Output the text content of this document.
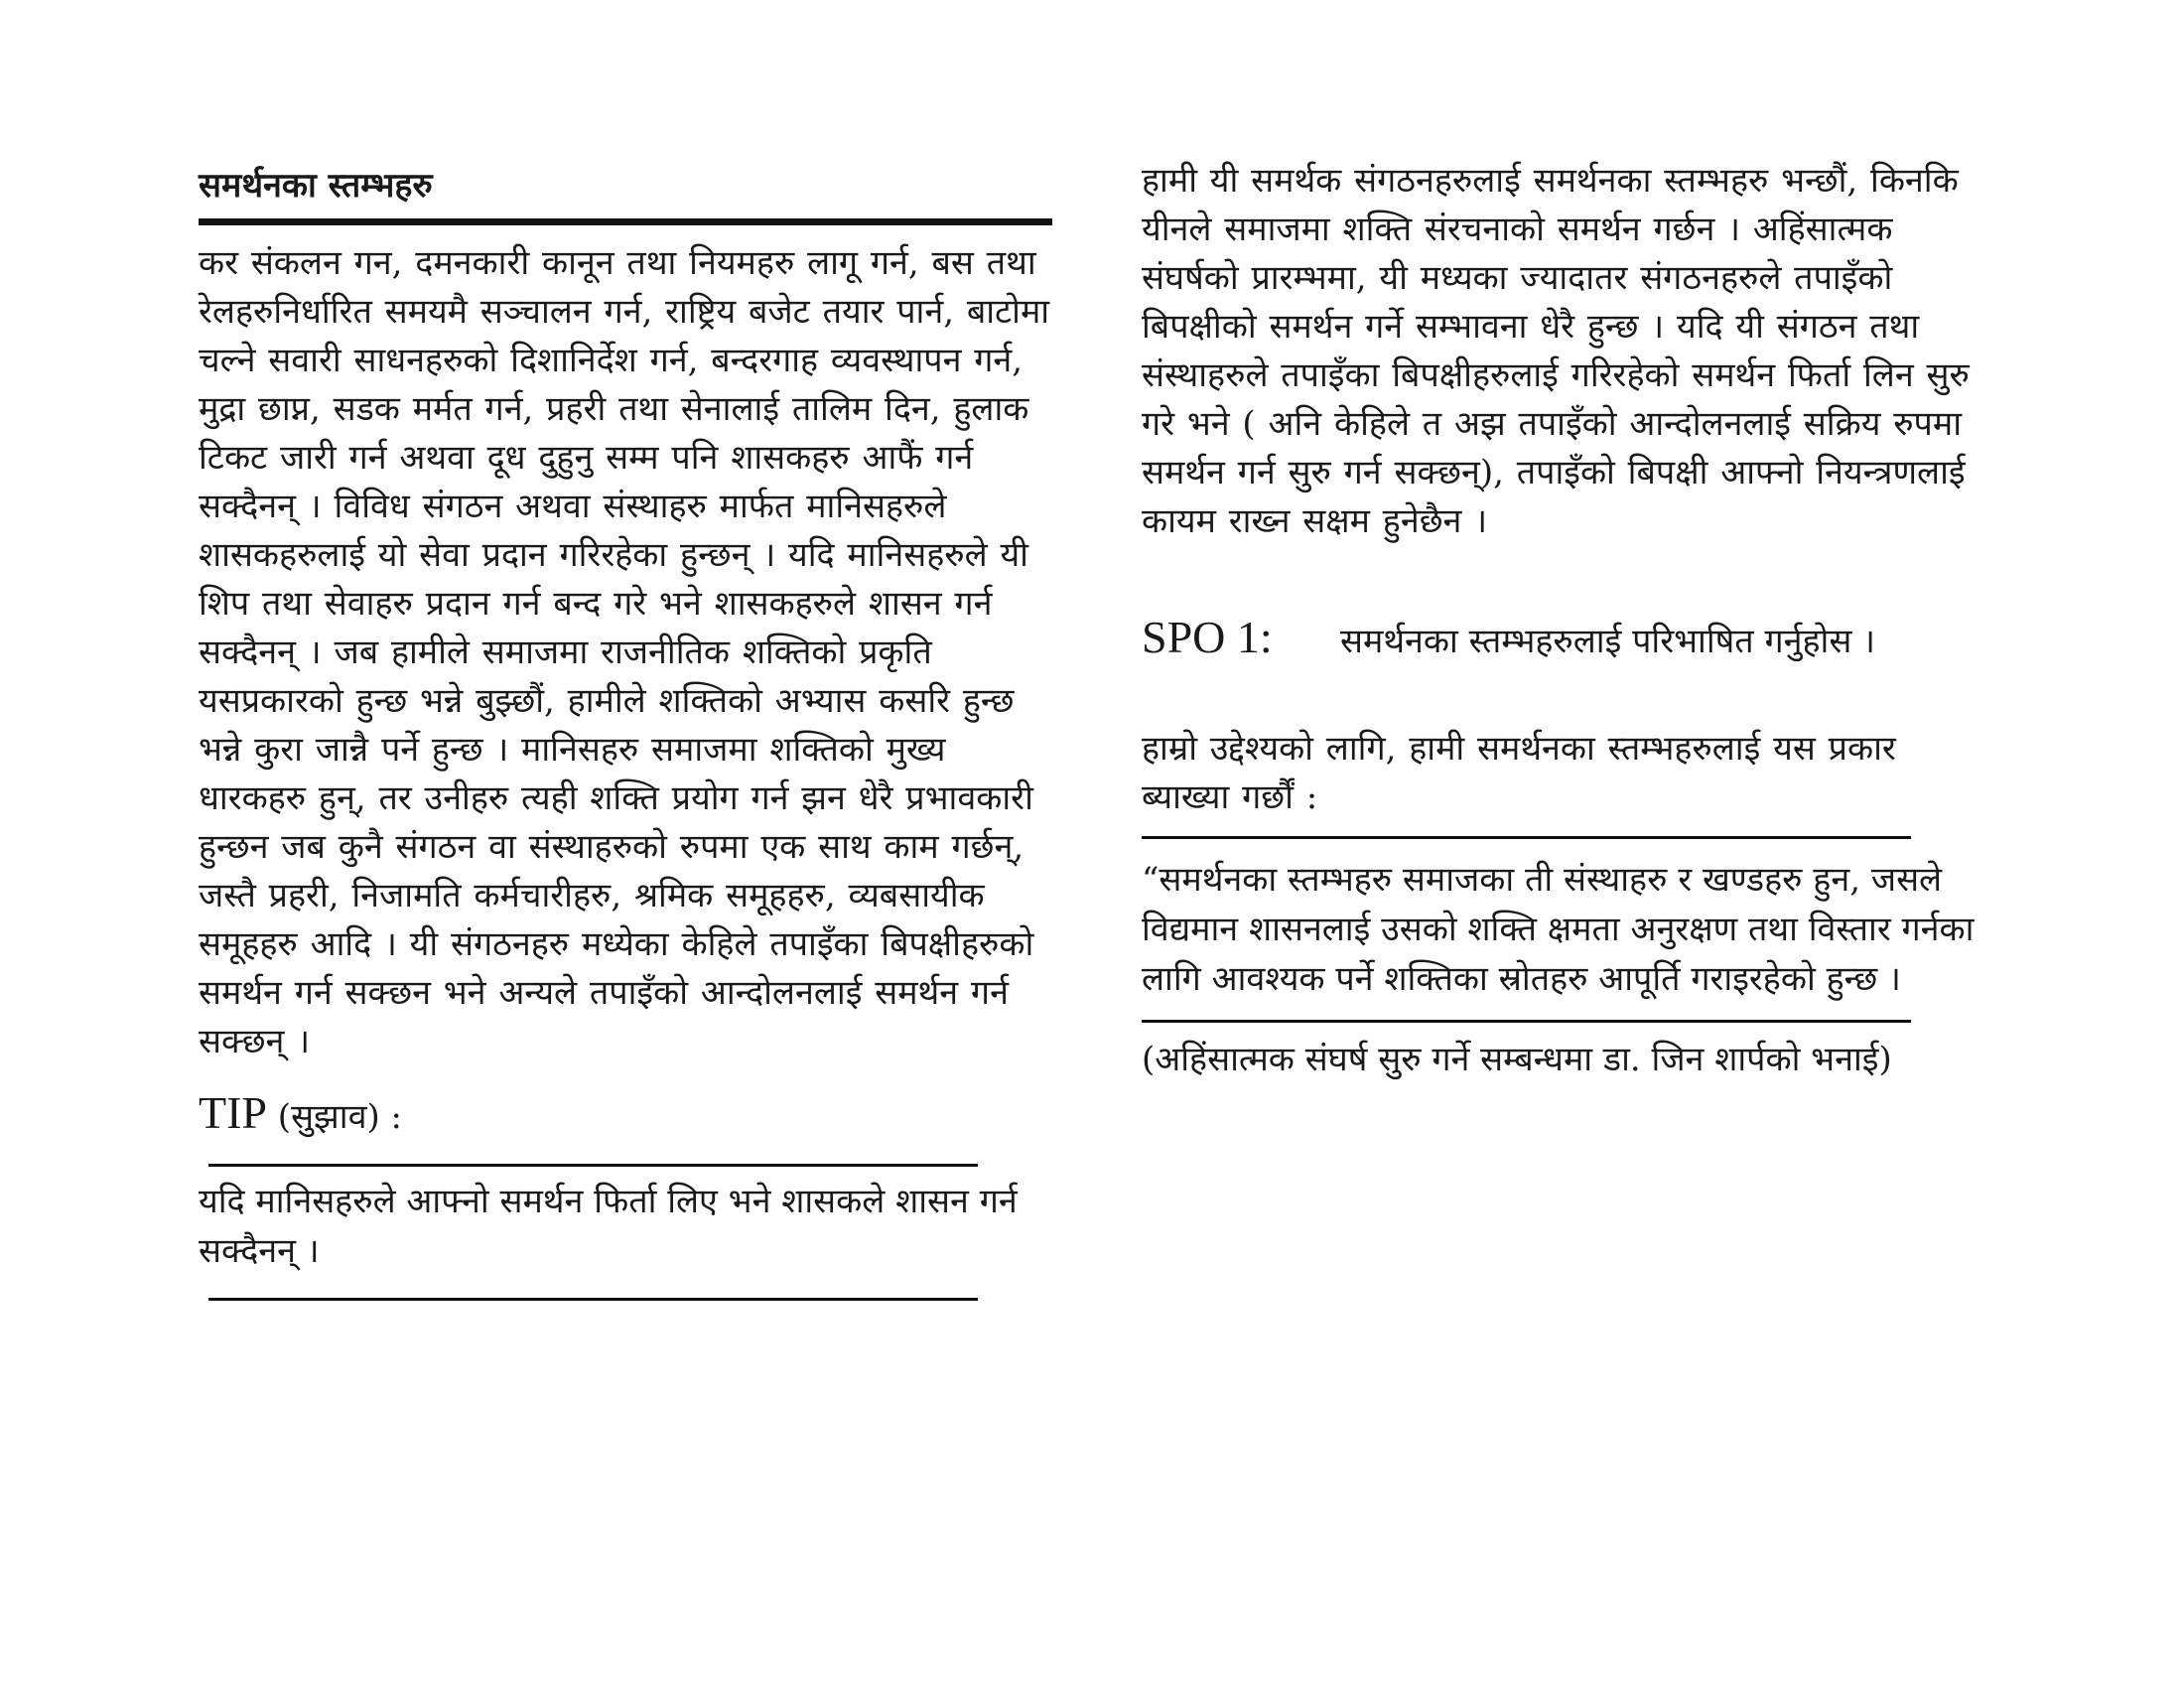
समर्थनका स्तम्भहरु

कर संकलन गन, दमनकारी कानून तथा नियमहरु लागू गर्न, बस तथा रेलहरुनिर्धारित समयमै सञ्चालन गर्न, राष्ट्रिय बजेट तयार पार्न, बाटोमा चल्ने सवारी साधनहरुको दिशानिर्देश गर्न, बन्दरगाह व्यवस्थापन गर्न, मुद्रा छाप्न, सडक मर्मत गर्न, प्रहरी तथा सेनालाई तालिम दिन, हुलाक टिकट जारी गर्न अथवा दूध दुहुनु सम्म पनि शासकहरु आफैं गर्न सक्दैनन् । विविध संगठन अथवा संस्थाहरु मार्फत मानिसहरुले शासकहरुलाई यो सेवा प्रदान गरिरहेका हुन्छन् । यदि मानिसहरुले यी शिप तथा सेवाहरु प्रदान गर्न बन्द गरे भने शासकहरुले शासन गर्न सक्दैनन् । जब हामीले समाजमा राजनीतिक शक्तिको प्रकृति यसप्रकारको हुन्छ भन्ने बुझ्छौं, हामीले शक्तिको अभ्यास कसरि हुन्छ भन्ने कुरा जान्नै पर्ने हुन्छ । मानिसहरु समाजमा शक्तिको मुख्य धारकहरु हुन्, तर उनीहरु त्यही शक्ति प्रयोग गर्न झन धेरै प्रभावकारी हुन्छन जब कुनै संगठन वा संस्थाहरुको रुपमा एक साथ काम गर्छन्, जस्तै प्रहरी, निजामति कर्मचारीहरु, श्रमिक समूहहरु, व्यबसायीक समूहहरु आदि । यी संगठनहरु मध्येका केहिले तपाइँका बिपक्षीहरुको समर्थन गर्न सक्छन भने अन्यले तपाइँको आन्दोलनलाई समर्थन गर्न सक्छन् ।

TIP (सुझाव) :

यदि मानिसहरुले आफ्नो समर्थन फिर्ता लिए भने शासकले शासन गर्न सक्दैनन् ।

हामी यी समर्थक संगठनहरुलाई समर्थनका स्तम्भहरु भन्छौं, किनकि यीनले समाजमा शक्ति संरचनाको समर्थन गर्छन । अहिंसात्मक संघर्षको प्रारम्भमा, यी मध्यका ज्यादातर संगठनहरुले तपाइँको बिपक्षीको समर्थन गर्ने सम्भावना धेरै हुन्छ । यदि यी संगठन तथा संस्थाहरुले तपाइँका बिपक्षीहरुलाई गरिरहेको समर्थन फिर्ता लिन सुरु गरे भने ( अनि केहिले त अझ तपाइँको आन्दोलनलाई सक्रिय रुपमा समर्थन गर्न सुरु गर्न सक्छन्), तपाइँको बिपक्षी आफ्नो नियन्त्रणलाई कायम राख्न सक्षम हुनेछैन ।

SPO 1:	समर्थनका स्तम्भहरुलाई परिभाषित गर्नुहोस ।

हाम्रो उद्देश्यको लागि, हामी समर्थनका स्तम्भहरुलाई यस प्रकार ब्याख्या गर्छौं :

“समर्थनका स्तम्भहरु समाजका ती संस्थाहरु र खण्डहरु हुन, जसले विद्यमान शासनलाई उसको शक्ति क्षमता अनुरक्षण तथा विस्तार गर्नका लागि आवश्यक पर्ने शक्तिका स्रोतहरु आपूर्ति गराइरहेको हुन्छ ।

(अहिंसात्मक संघर्ष सुरु गर्ने सम्बन्धमा डा. जिन शार्पको भनाई)
